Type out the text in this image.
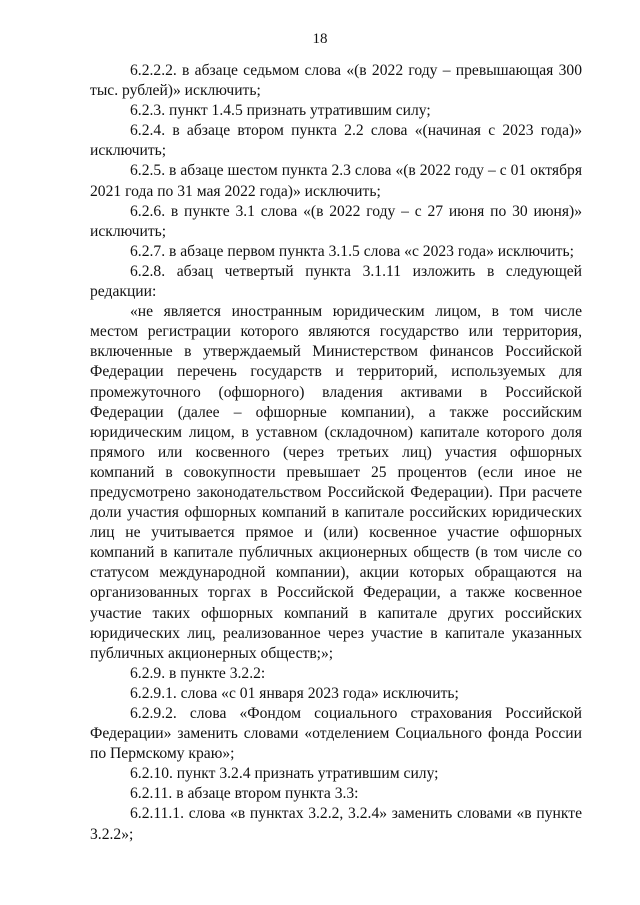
18

6.2.2.2. в абзаце седьмом слова «(в 2022 году – превышающая 300 тыс. рублей)» исключить;

6.2.3. пункт 1.4.5 признать утратившим силу;

6.2.4. в абзаце втором пункта 2.2 слова «(начиная с 2023 года)» исключить;

6.2.5. в абзаце шестом пункта 2.3 слова «(в 2022 году – с 01 октября 2021 года по 31 мая 2022 года)» исключить;

6.2.6. в пункте 3.1 слова «(в 2022 году – с 27 июня по 30 июня)» исключить;

6.2.7. в абзаце первом пункта 3.1.5 слова «с 2023 года» исключить;

6.2.8. абзац четвертый пункта 3.1.11 изложить в следующей редакции:

«не является иностранным юридическим лицом, в том числе местом регистрации которого являются государство или территория, включенные в утверждаемый Министерством финансов Российской Федерации перечень государств и территорий, используемых для промежуточного (офшорного) владения активами в Российской Федерации (далее – офшорные компании), а также российским юридическим лицом, в уставном (складочном) капитале которого доля прямого или косвенного (через третьих лиц) участия офшорных компаний в совокупности превышает 25 процентов (если иное не предусмотрено законодательством Российской Федерации). При расчете доли участия офшорных компаний в капитале российских юридических лиц не учитывается прямое и (или) косвенное участие офшорных компаний в капитале публичных акционерных обществ (в том числе со статусом международной компании), акции которых обращаются на организованных торгах в Российской Федерации, а также косвенное участие таких офшорных компаний в капитале других российских юридических лиц, реализованное через участие в капитале указанных публичных акционерных обществ;»;

6.2.9. в пункте 3.2.2:

6.2.9.1. слова «с 01 января 2023 года» исключить;

6.2.9.2. слова «Фондом социального страхования Российской Федерации» заменить словами «отделением Социального фонда России по Пермскому краю»;

6.2.10. пункт 3.2.4 признать утратившим силу;

6.2.11. в абзаце втором пункта 3.3:

6.2.11.1. слова «в пунктах 3.2.2, 3.2.4» заменить словами «в пункте 3.2.2»;
